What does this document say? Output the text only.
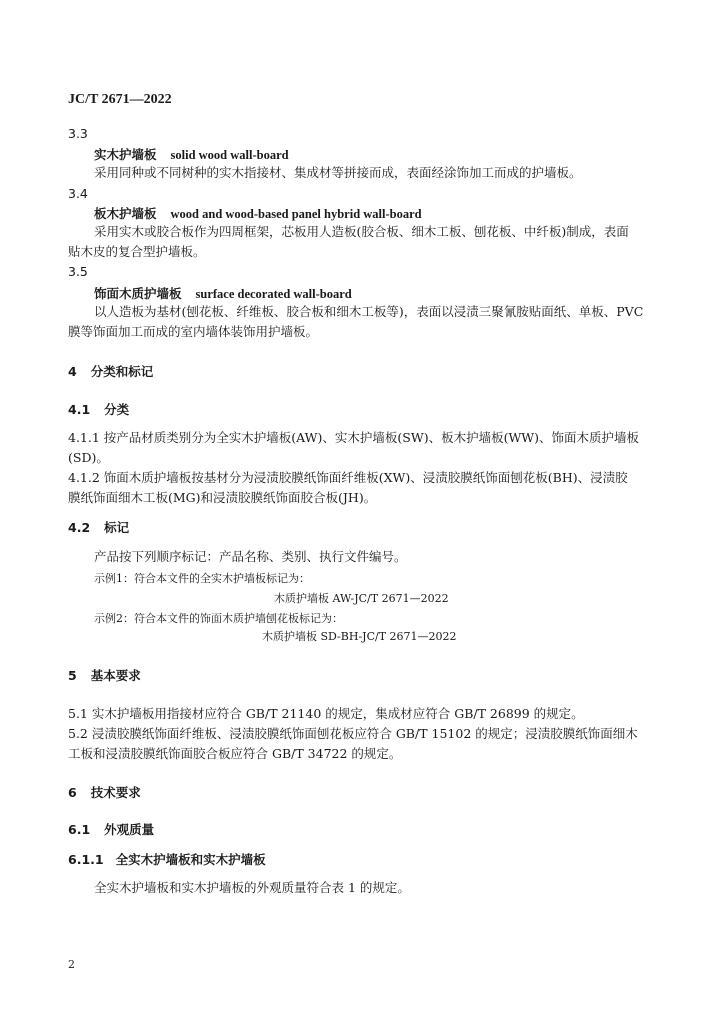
JC/T 2671—2022
3.3
实木护墙板 solid wood wall-board
采用同种或不同树种的实木指接材、集成材等拼接而成，表面经涂饰加工而成的护墙板。
3.4
板木护墙板 wood and wood-based panel hybrid wall-board
采用实木或胶合板作为四周框架，芯板用人造板(胶合板、细木工板、刨花板、中纤板)制成，表面
贴木皮的复合型护墙板。
3.5
饰面木质护墙板 surface decorated wall-board
以人造板为基材(刨花板、纤维板、胶合板和细木工板等)，表面以浸渍三聚氰胺贴面纸、单板、PVC
膜等饰面加工而成的室内墙体装饰用护墙板。
4 分类和标记
4.1 分类
4.1.1 按产品材质类别分为全实木护墙板(AW)、实木护墙板(SW)、板木护墙板(WW)、饰面木质护墙板
(SD)。
4.1.2 饰面木质护墙板按基材分为浸渍胶膜纸饰面纤维板(XW)、浸渍胶膜纸饰面刨花板(BH)、浸渍胶
膜纸饰面细木工板(MG)和浸渍胶膜纸饰面胶合板(JH)。
4.2 标记
产品按下列顺序标记：产品名称、类别、执行文件编号。
示例1：符合本文件的全实木护墙板标记为：
木质护墙板 AW-JC/T 2671—2022
示例2：符合本文件的饰面木质护墙刨花板标记为：
木质护墙板 SD-BH-JC/T 2671—2022
5 基本要求
5.1 实木护墙板用指接材应符合 GB/T 21140 的规定，集成材应符合 GB/T 26899 的规定。
5.2 浸渍胶膜纸饰面纤维板、浸渍胶膜纸饰面刨花板应符合 GB/T 15102 的规定；浸渍胶膜纸饰面细木
工板和浸渍胶膜纸饰面胶合板应符合 GB/T 34722 的规定。
6 技术要求
6.1 外观质量
6.1.1 全实木护墙板和实木护墙板
全实木护墙板和实木护墙板的外观质量符合表 1 的规定。
2
